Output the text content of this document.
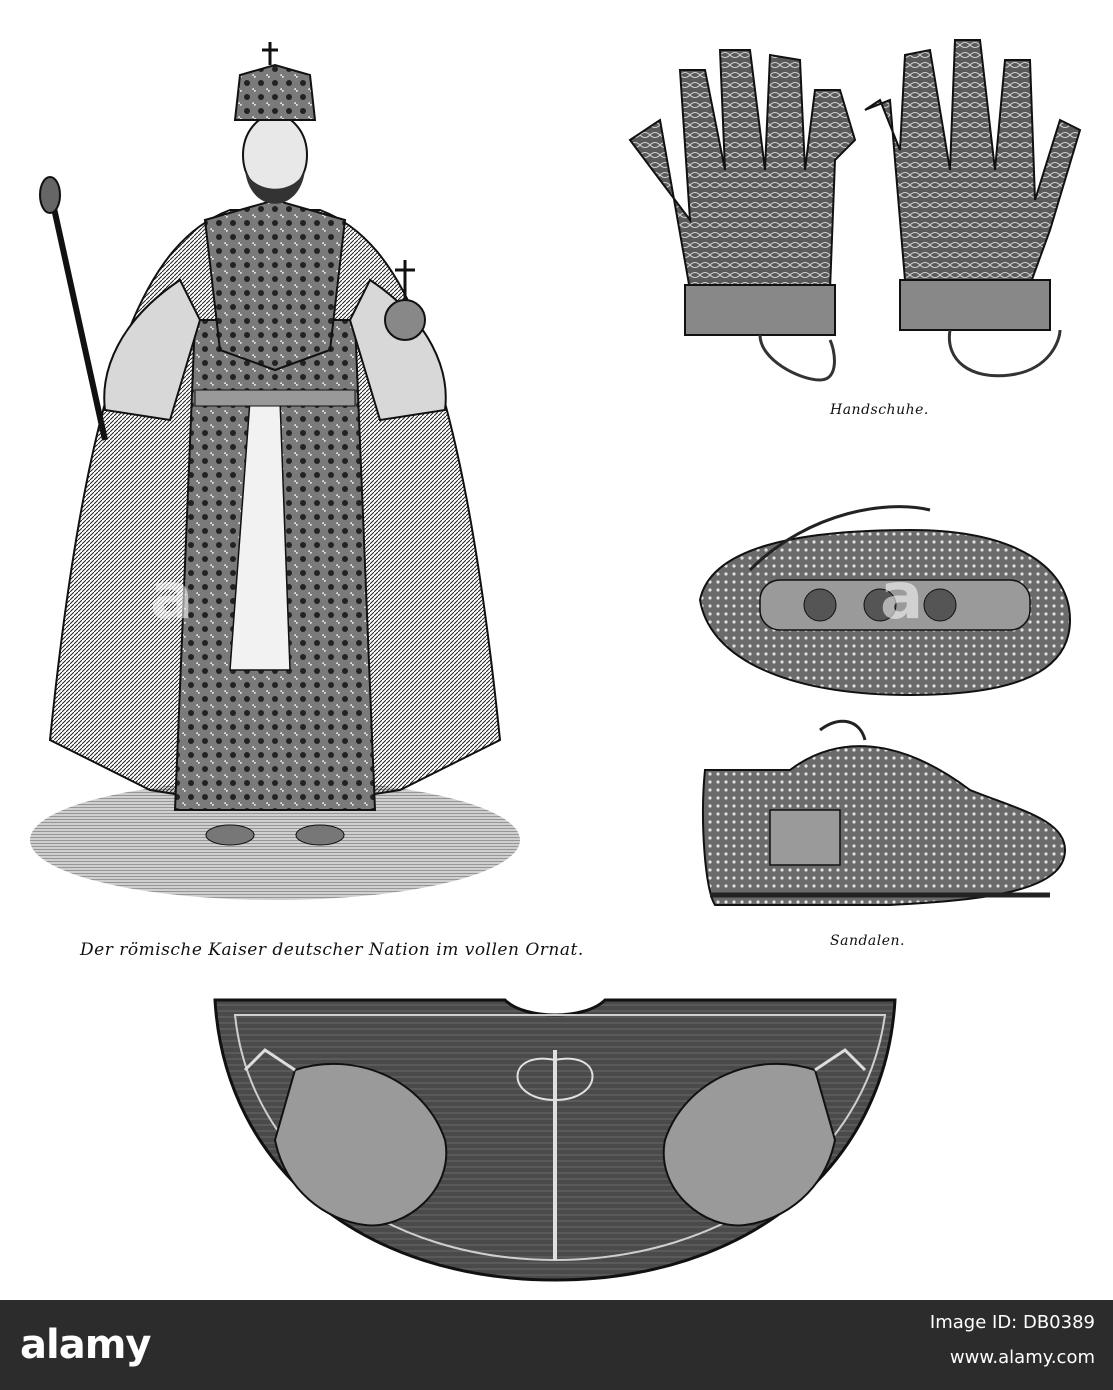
Der römische Kaiser deutscher Nation im vollen Ornat.
Handschuhe.
Sandalen.
a	a
alamy	Image ID: DB0389
www.alamy.com
